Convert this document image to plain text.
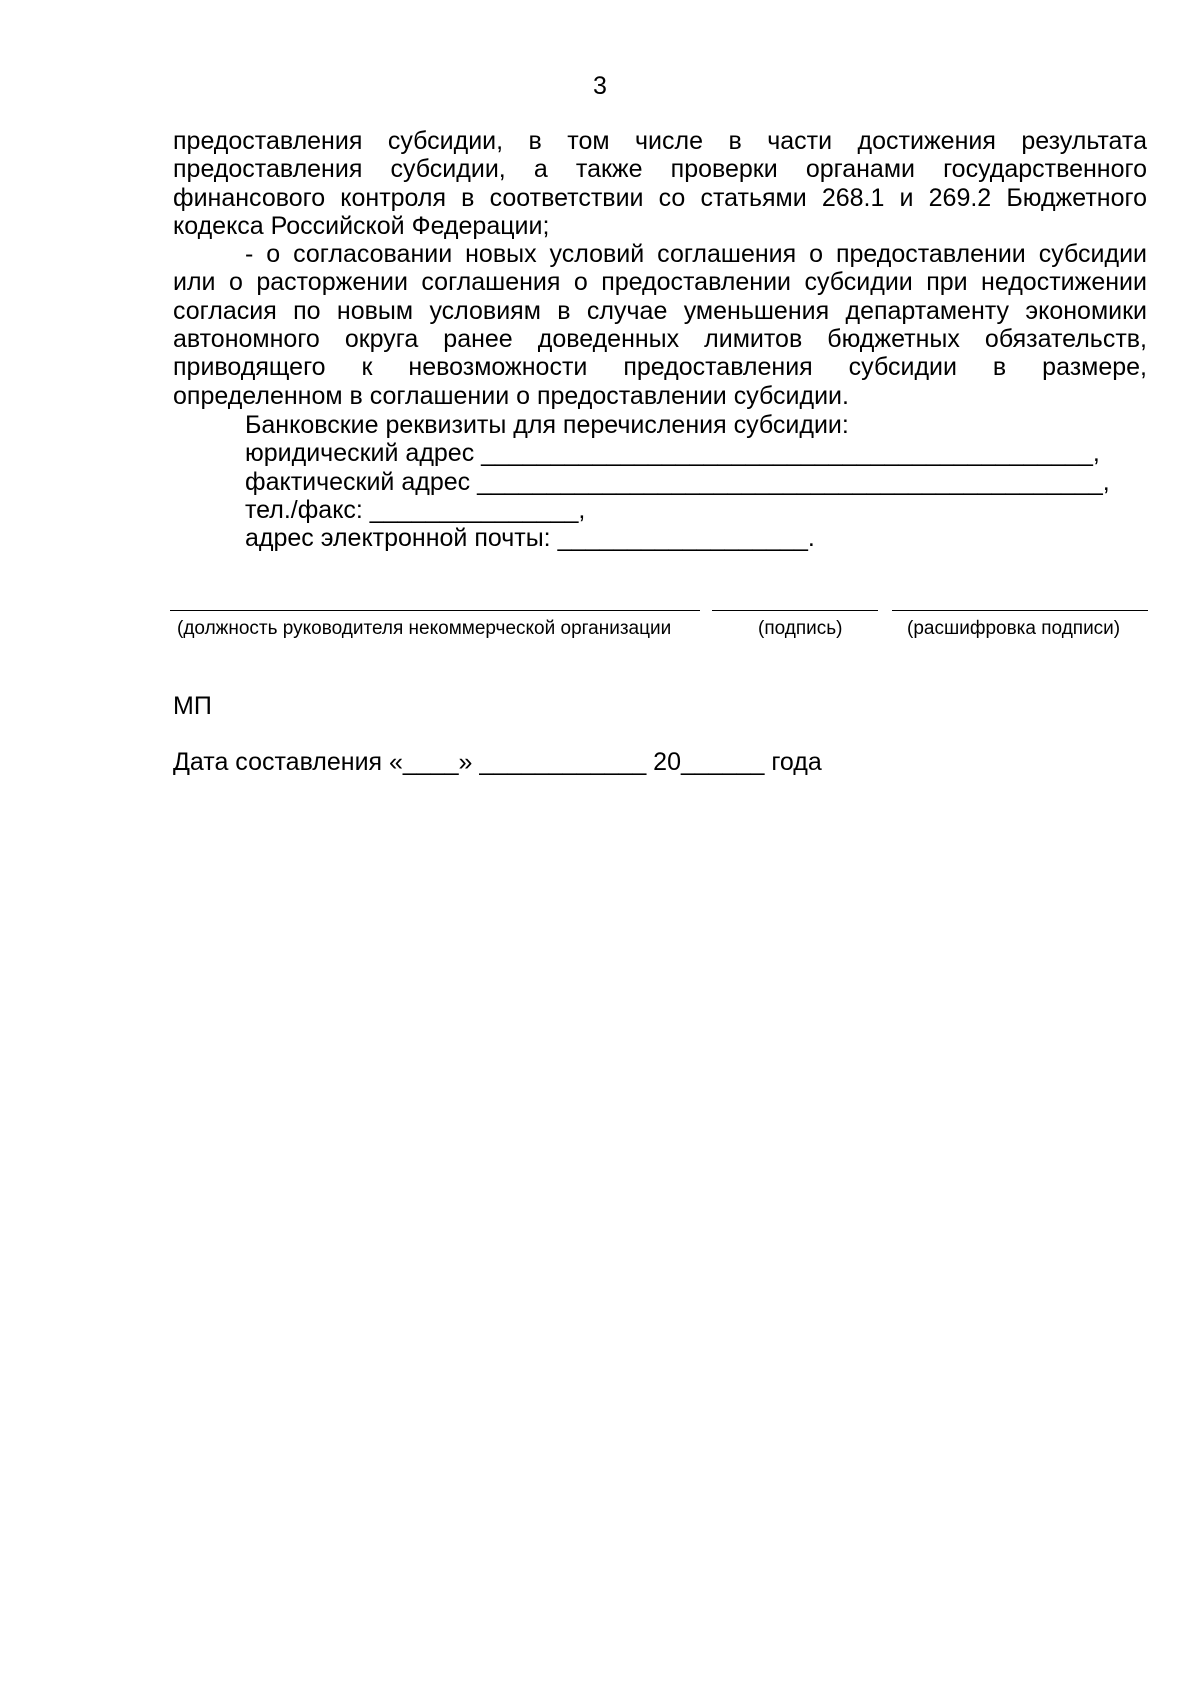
3

предоставления субсидии, в том числе в части достижения результата предоставления субсидии, а также проверки органами государственного финансового контроля в соответствии со статьями 268.1 и 269.2 Бюджетного кодекса Российской Федерации;

- о согласовании новых условий соглашения о предоставлении субсидии или о расторжении соглашения о предоставлении субсидии при недостижении согласия по новым условиям в случае уменьшения департаменту экономики автономного округа ранее доведенных лимитов бюджетных обязательств, приводящего к невозможности предоставления субсидии в размере, определенном в соглашении о предоставлении субсидии.

Банковские реквизиты для перечисления субсидии:
юридический адрес ____________________________________________,
фактический адрес _____________________________________________,
тел./факс: _______________,
адрес электронной почты: __________________.
(должность руководителя некоммерческой организации	(подпись)	(расшифровка подписи)
МП
Дата составления «____» ____________ 20______ года
